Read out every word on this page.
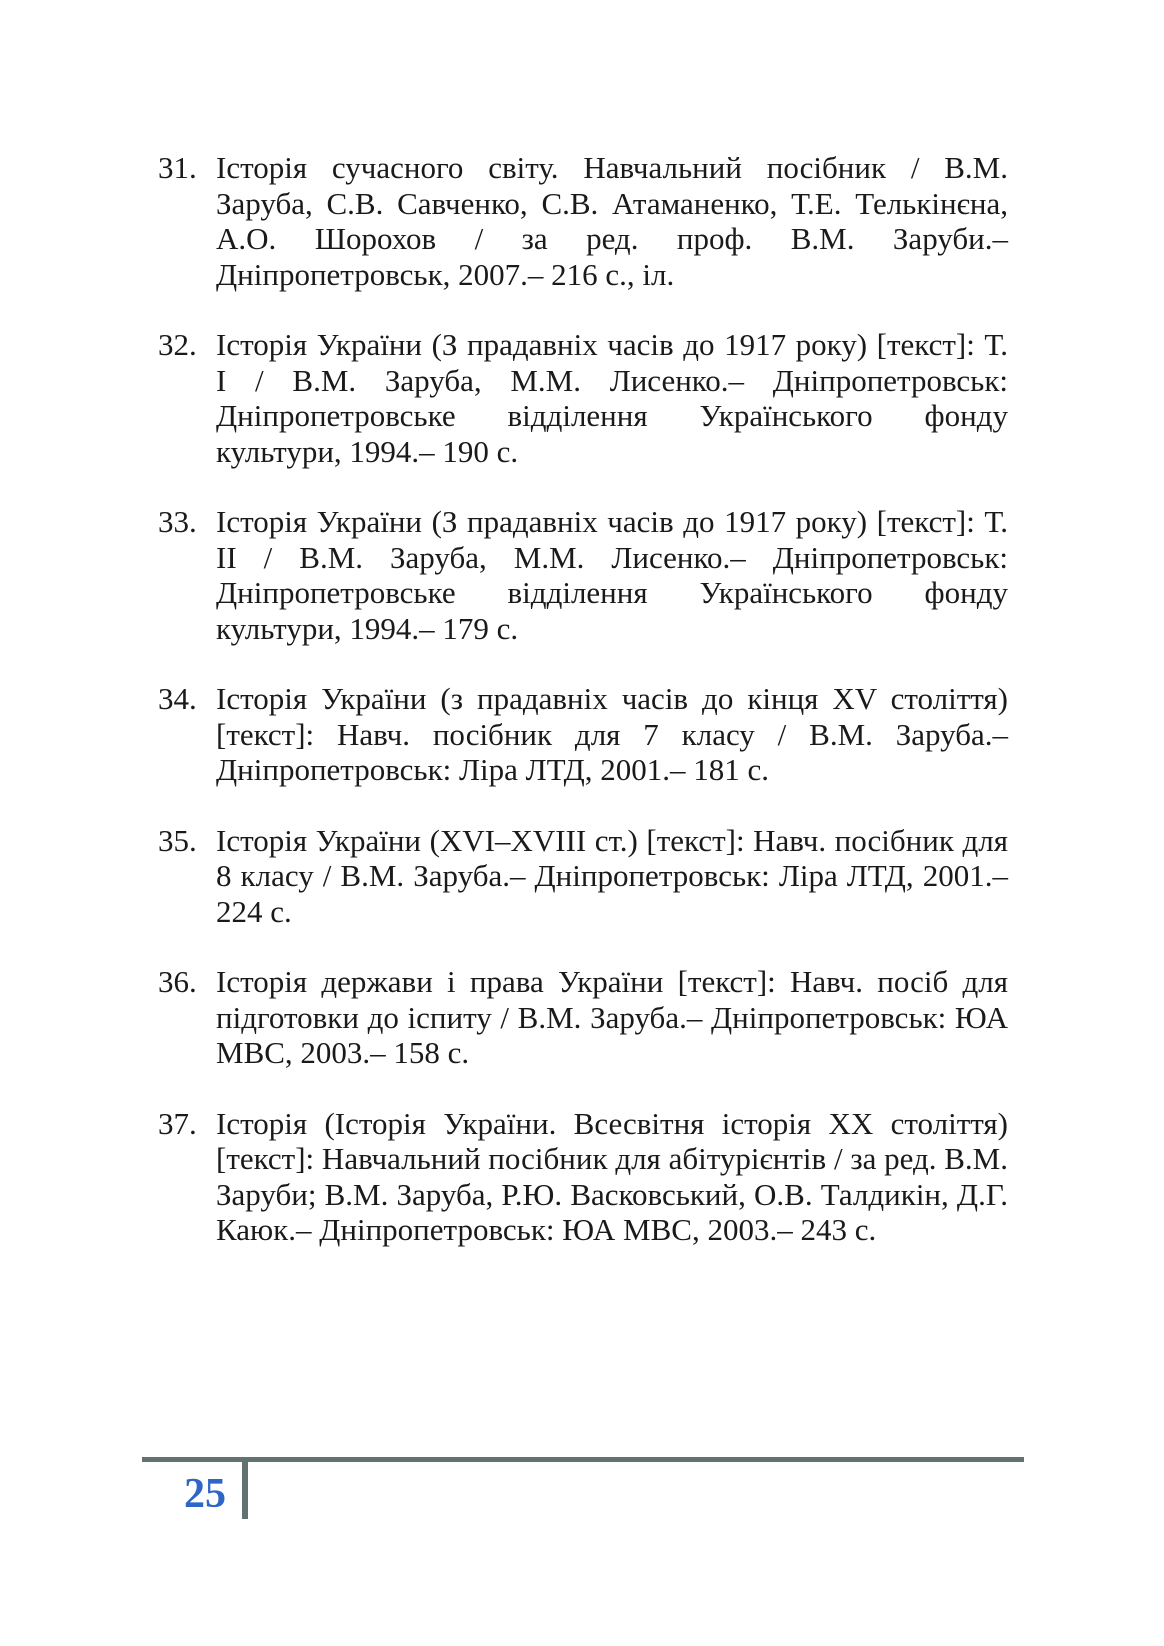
31. Історія сучасного світу. Навчальний посібник / В.М. Заруба, С.В. Савченко, С.В. Атаманенко, Т.Е. Телькінєна, А.О. Шорохов / за ред. проф. В.М. Заруби.– Дніпропетровськ, 2007.– 216 с., іл.
32. Історія України (З прадавніх часів до 1917 року) [текст]: Т. I / В.М. Заруба, М.М. Лисенко.– Дніпропетровськ: Дніпропетровське відділення Українського фонду культури, 1994.– 190 с.
33. Історія України (З прадавніх часів до 1917 року) [текст]: Т. II / В.М. Заруба, М.М. Лисенко.– Дніпропетровськ: Дніпропетровське відділення Українського фонду культури, 1994.– 179 с.
34. Історія України (з прадавніх часів до кінця XV століття) [текст]: Навч. посібник для 7 класу / В.М. Заруба.– Дніпропетровськ: Ліра ЛТД, 2001.– 181 с.
35. Історія України (XVI–XVIII ст.) [текст]: Навч. посібник для 8 класу / В.М. Заруба.– Дніпропетровськ: Ліра ЛТД, 2001.– 224 с.
36. Історія держави і права України [текст]: Навч. посіб для підготовки до іспиту / В.М. Заруба.– Дніпропетровськ: ЮА МВС, 2003.– 158 с.
37. Історія (Історія України. Всесвітня історія XX століття) [текст]: Навчальний посібник для абітурієнтів / за ред. В.М. Заруби; В.М. Заруба, Р.Ю. Васковський, О.В. Талдикін, Д.Г. Каюк.– Дніпропетровськ: ЮА МВС, 2003.– 243 с.
25
